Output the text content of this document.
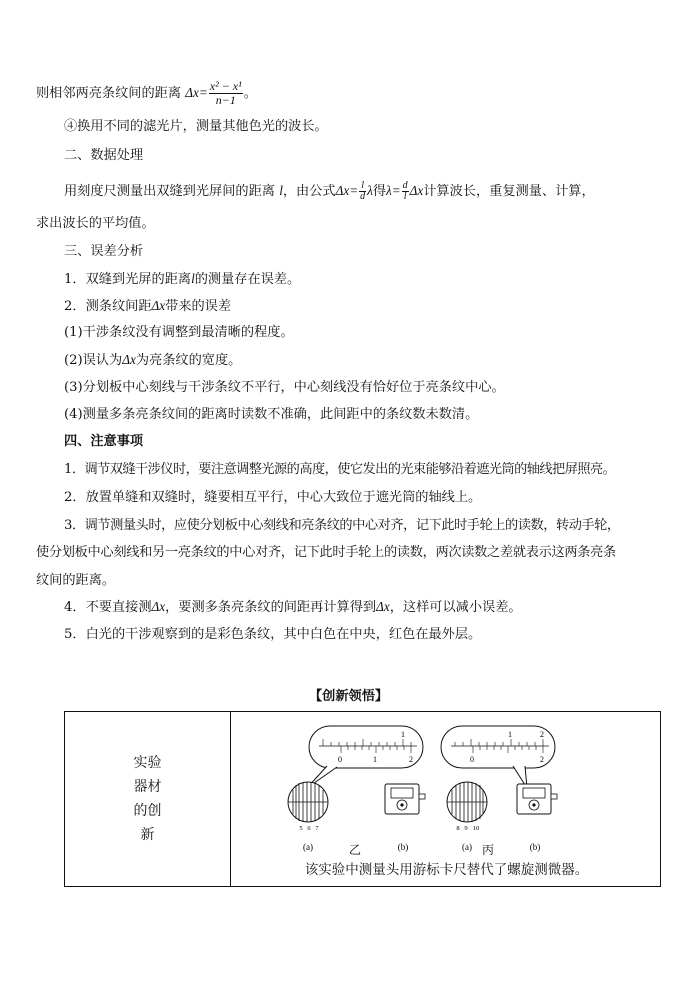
则相邻两亮条纹间的距离 $\Delta x= \frac{\text{x² − x¹}}{n-1}$ 。
④换用不同的滤光片，测量其他色光的波长。
二、数据处理
用刻度尺测量出双缝到光屏间的距离 l，由公式$\Delta x= \frac{l}{d}$ λ得$\lambda= \frac{d}{l}$ Δx计算波长，重复测量、计算，
求出波长的平均值。
三、误差分析
1．双缝到光屏的距离l的测量存在误差。
2．测条纹间距Δx带来的误差
(1)干涉条纹没有调整到最清晰的程度。
(2)误认为Δx为亮条纹的宽度。
(3)分划板中心刻线与干涉条纹不平行，中心刻线没有恰好位于亮条纹中心。
(4)测量多条亮条纹间的距离时读数不准确，此间距中的条纹数未数清。
四、注意事项
1．调节双缝干涉仪时，要注意调整光源的高度，使它发出的光束能够沿着遮光筒的轴线把屏照亮。
2．放置单缝和双缝时，缝要相互平行，中心大致位于遮光筒的轴线上。
3．调节测量头时，应使分划板中心刻线和亮条纹的中心对齐，记下此时手轮上的读数，转动手轮，
使分划板中心刻线和另一亮条纹的中心对齐，记下此时手轮上的读数，两次读数之差就表示这两条亮条
纹间的距离。
4．不要直接测Δx，要测多条亮条纹的间距再计算得到Δx，这样可以减小误差。
5．白光的干涉观察到的是彩色条纹，其中白色在中央，红色在最外层。
【创新领悟】
实验器材的创新
该实验中测量头用游标卡尺替代了螺旋测微器。
1
0	1	2
5 6 7
(a)	(b)
1	2
0	2
8 9 10
(a)	(b)
乙	丙
